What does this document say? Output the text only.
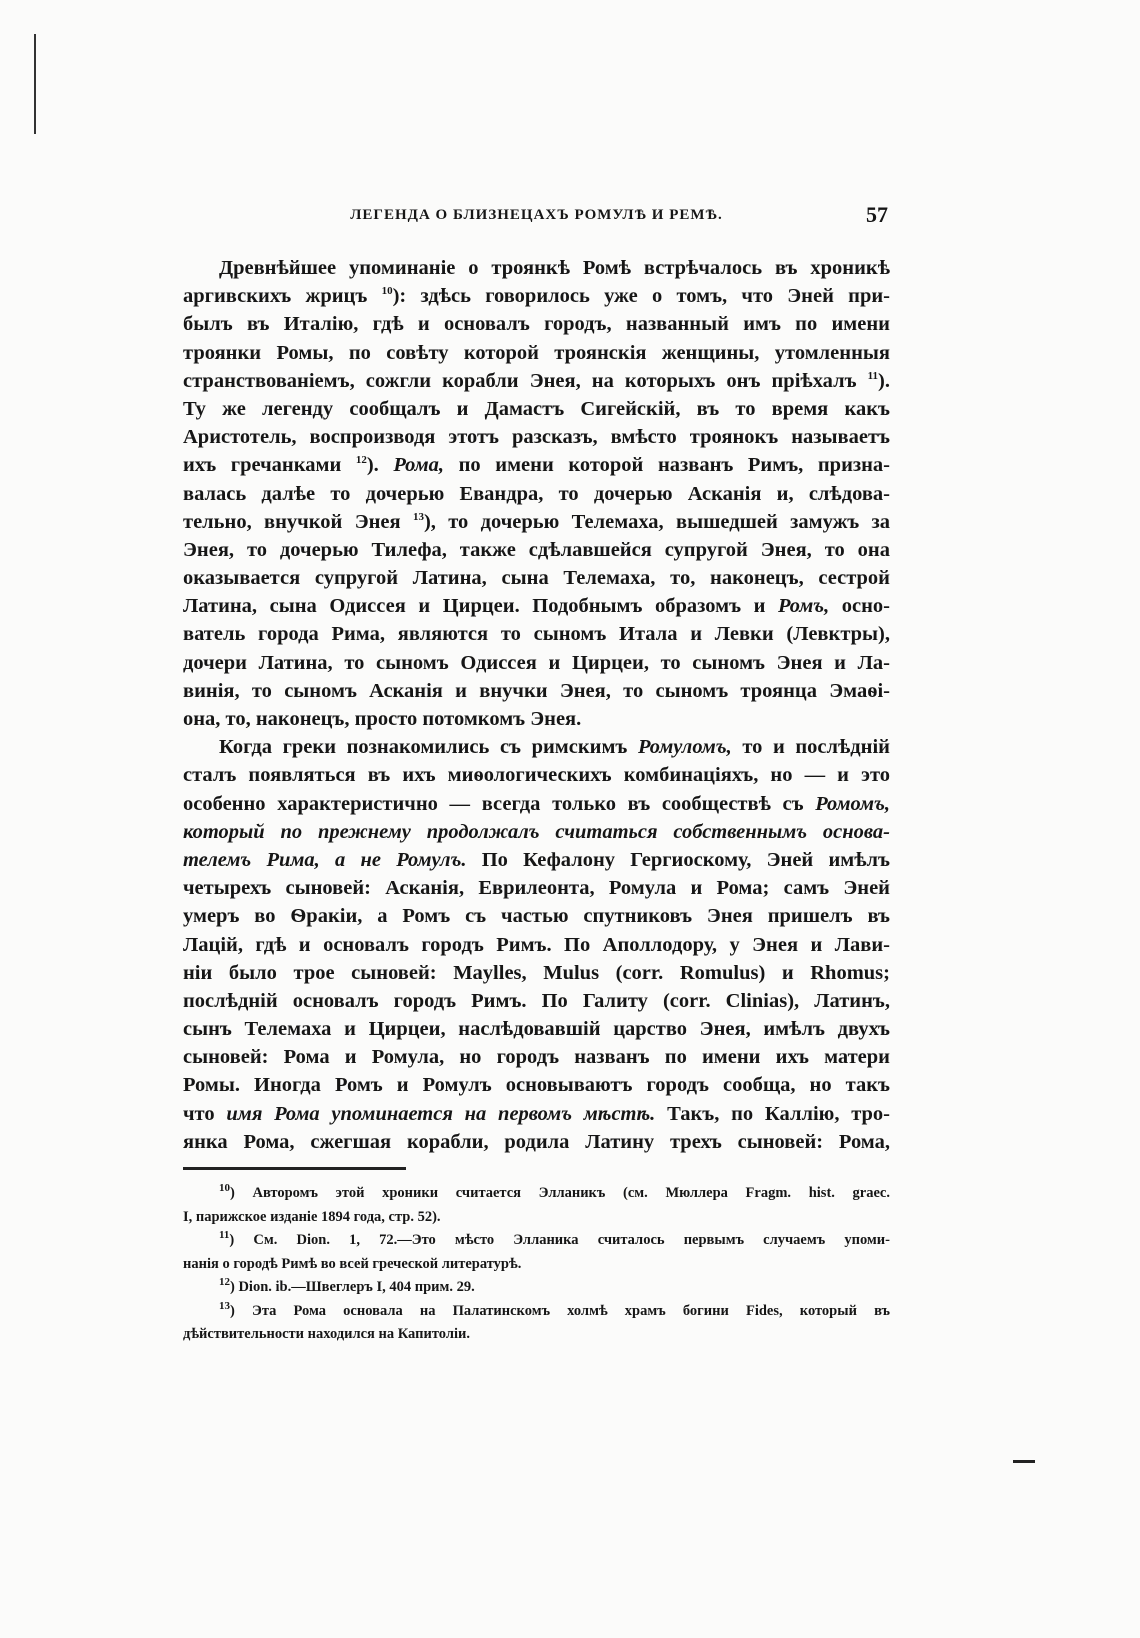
ЛЕГЕНДА О БЛИЗНЕЦАХЪ РОМУЛѢ И РЕМѢ.	57
Древнѣйшее упоминаніе о троянкѣ Ромѣ встрѣчалось въ хроникѣ
аргивскихъ жрицъ $^{10}$): здѣсь говорилось уже о томъ, что Эней при-
былъ въ Италію, гдѣ и основалъ городъ, названный имъ по имени
троянки Ромы, по совѣту которой троянскія женщины, утомленныя
странствованіемъ, сожгли корабли Энея, на которыхъ онъ пріѣхалъ $^{11}$).
Ту же легенду сообщалъ и Дамастъ Сигейскій, въ то время какъ
Аристотель, воспроизводя этотъ разсказъ, вмѣсто троянокъ называетъ
ихъ гречанками $^{12}$). Рома, по имени которой названъ Римъ, призна-
валась далѣе то дочерью Евандра, то дочерью Асканія и, слѣдова-
тельно, внучкой Энея $^{13}$), то дочерью Телемаха, вышедшей замужъ за
Энея, то дочерью Тилефа, также сдѣлавшейся супругой Энея, то она
оказывается супругой Латина, сына Телемаха, то, наконецъ, сестрой
Латина, сына Одиссея и Цирцеи. Подобнымъ образомъ и Ромъ, осно-
ватель города Рима, являются то сыномъ Итала и Левки (Левктры),
дочери Латина, то сыномъ Одиссея и Цирцеи, то сыномъ Энея и Ла-
винія, то сыномъ Асканія и внучки Энея, то сыномъ троянца Эмаѳі-
она, то, наконецъ, просто потомкомъ Энея.
Когда греки познакомились съ римскимъ Ромуломъ, то и послѣдній
сталъ появляться въ ихъ миѳологическихъ комбинаціяхъ, но — и это
особенно характеристично — всегда только въ сообществѣ съ Ромомъ,
который по прежнему продолжалъ считаться собственнымъ основа-
телемъ Рима, а не Ромулъ. По Кефалону Гергиоскому, Эней имѣлъ
четырехъ сыновей: Асканія, Еврилеонта, Ромула и Рома; самъ Эней
умеръ во Ѳракіи, а Ромъ съ частью спутниковъ Энея пришелъ въ
Лацій, гдѣ и основалъ городъ Римъ. По Аполлодору, у Энея и Лави-
ніи было трое сыновей: Maylles, Mulus (corr. Romulus) и Rhomus;
послѣдній основалъ городъ Римъ. По Галиту (corr. Clinias), Латинъ,
сынъ Телемаха и Цирцеи, наслѣдовавшій царство Энея, имѣлъ двухъ
сыновей: Рома и Ромула, но городъ названъ по имени ихъ матери
Ромы. Иногда Ромъ и Ромулъ основываютъ городъ сообща, но такъ
что имя Рома упоминается на первомъ мѣстѣ. Такъ, по Каллію, тро-
янка Рома, сжегшая корабли, родила Латину трехъ сыновей: Рома,
$^{10}$) Авторомъ этой хроники считается Элланикъ (см. Мюллера Fragm. hist. graec.
I, парижское изданіе 1894 года, стр. 52).
$^{11}$) См. Dion. 1, 72.—Это мѣсто Элланика считалось первымъ случаемъ упоми-
нанія о городѣ Римѣ во всей греческой литературѣ.
$^{12}$) Dion. ib.—Швеглеръ I, 404 прим. 29.
$^{13}$) Эта Рома основала на Палатинскомъ холмѣ храмъ богини Fides, который въ
дѣйствительности находился на Капитоліи.
